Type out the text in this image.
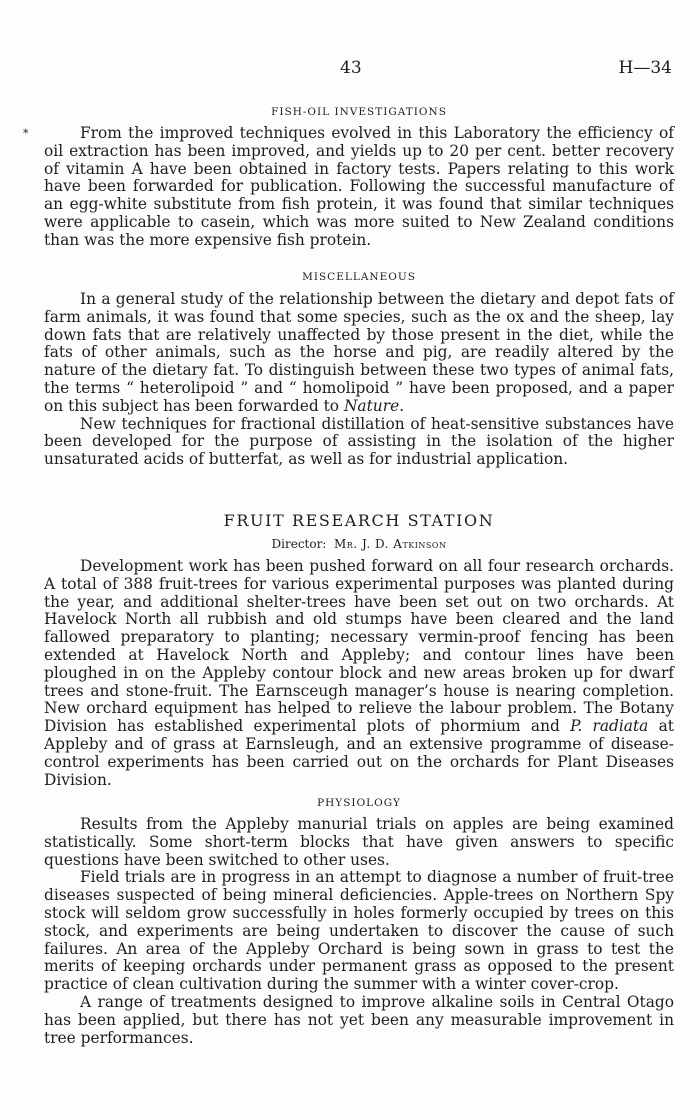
43	H—34
*
FISH-OIL INVESTIGATIONS

From the improved techniques evolved in this Laboratory the efficiency of oil extraction has been improved, and yields up to 20 per cent. better recovery of vitamin A have been obtained in factory tests. Papers relating to this work have been forwarded for publication. Following the successful manufacture of an egg-white substitute from fish protein, it was found that similar techniques were applicable to casein, which was more suited to New Zealand conditions than was the more expensive fish protein.

MISCELLANEOUS

In a general study of the relationship between the dietary and depot fats of farm animals, it was found that some species, such as the ox and the sheep, lay down fats that are relatively unaffected by those present in the diet, while the fats of other animals, such as the horse and pig, are readily altered by the nature of the dietary fat. To distinguish between these two types of animal fats, the terms “ heterolipoid ” and “ homolipoid ” have been proposed, and a paper on this subject has been forwarded to Nature.

New techniques for fractional distillation of heat-sensitive substances have been developed for the purpose of assisting in the isolation of the higher unsaturated acids of butterfat, as well as for industrial application.

FRUIT RESEARCH STATION
Director: Mr. J. D. Atkinson

Development work has been pushed forward on all four research orchards. A total of 388 fruit-trees for various experimental purposes was planted during the year, and additional shelter-trees have been set out on two orchards. At Havelock North all rubbish and old stumps have been cleared and the land fallowed preparatory to planting; necessary vermin-proof fencing has been extended at Havelock North and Appleby; and contour lines have been ploughed in on the Appleby contour block and new areas broken up for dwarf trees and stone-fruit. The Earnsceugh manager’s house is nearing completion. New orchard equipment has helped to relieve the labour problem. The Botany Division has established experimental plots of phormium and P. radiata at Appleby and of grass at Earnsleugh, and an extensive programme of disease-control experiments has been carried out on the orchards for Plant Diseases Division.

PHYSIOLOGY

Results from the Appleby manurial trials on apples are being examined statistically. Some short-term blocks that have given answers to specific questions have been switched to other uses.

Field trials are in progress in an attempt to diagnose a number of fruit-tree diseases suspected of being mineral deficiencies. Apple-trees on Northern Spy stock will seldom grow successfully in holes formerly occupied by trees on this stock, and experiments are being undertaken to discover the cause of such failures. An area of the Appleby Orchard is being sown in grass to test the merits of keeping orchards under permanent grass as opposed to the present practice of clean cultivation during the summer with a winter cover-crop.

A range of treatments designed to improve alkaline soils in Central Otago has been applied, but there has not yet been any measurable improvement in tree performances.
